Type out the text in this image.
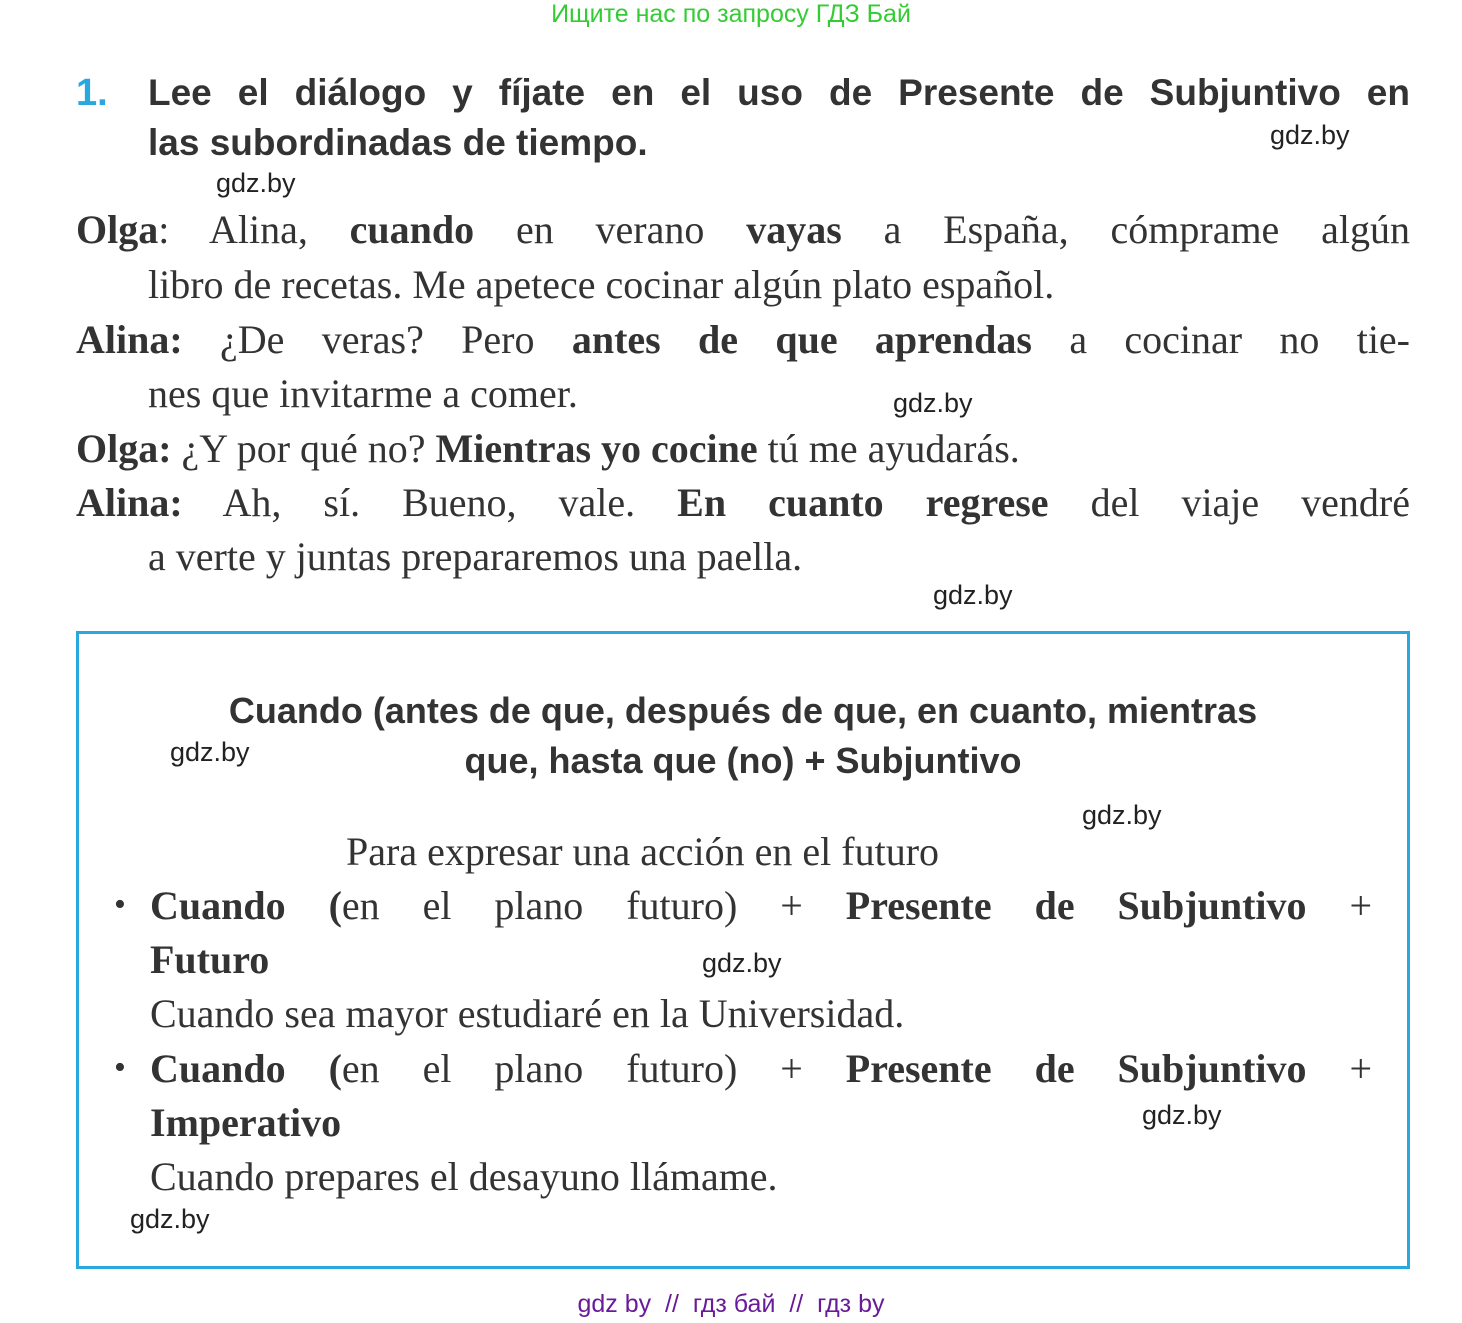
Ищите нас по запросу ГДЗ Бай
1. Lee el diálogo y fíjate en el uso de Presente de Subjuntivo en
las subordinadas de tiempo.	gdz.by
gdz.by
Olga: Alina, cuando en verano vayas a España, cómprame algún
libro de recetas. Me apetece cocinar algún plato español.
Alina: ¿De veras? Pero antes de que aprendas a cocinar no tie-
nes que invitarme a comer.	gdz.by
Olga: ¿Y por qué no? Mientras yo cocine tú me ayudarás.
Alina: Ah, sí. Bueno, vale. En cuanto regrese del viaje vendré
a verte y juntas prepararemos una paella.
gdz.by
Cuando (antes de que, después de que, en cuanto, mientras
que, hasta que (no) + Subjuntivo
gdz.by
gdz.by
Para expresar una acción en el futuro
• Cuando (en el plano futuro) + Presente de Subjuntivo +
Futuro	gdz.by
Cuando sea mayor estudiaré en la Universidad.
• Cuando (en el plano futuro) + Presente de Subjuntivo +
Imperativo	gdz.by
Cuando prepares el desayuno llámame.
gdz.by
gdz by  //  гдз бай  //  гдз by
